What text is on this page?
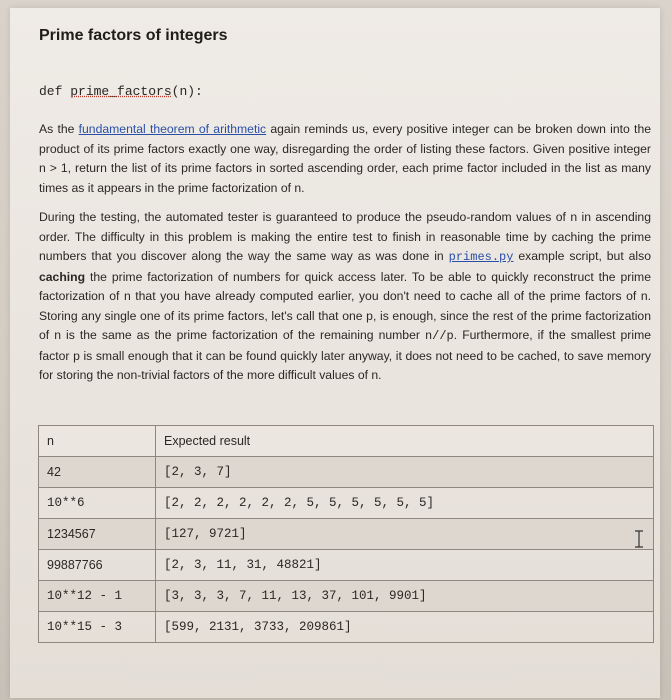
Prime factors of integers
def prime_factors(n):
As the fundamental theorem of arithmetic again reminds us, every positive integer can be broken down into the product of its prime factors exactly one way, disregarding the order of listing these factors. Given positive integer n > 1, return the list of its prime factors in sorted ascending order, each prime factor included in the list as many times as it appears in the prime factorization of n.
During the testing, the automated tester is guaranteed to produce the pseudo-random values of n in ascending order. The difficulty in this problem is making the entire test to finish in reasonable time by caching the prime numbers that you discover along the way the same way as was done in primes.py example script, but also caching the prime factorization of numbers for quick access later. To be able to quickly reconstruct the prime factorization of n that you have already computed earlier, you don't need to cache all of the prime factors of n. Storing any single one of its prime factors, let's call that one p, is enough, since the rest of the prime factorization of n is the same as the prime factorization of the remaining number n//p. Furthermore, if the smallest prime factor p is small enough that it can be found quickly later anyway, it does not need to be cached, to save memory for storing the non-trivial factors of the more difficult values of n.
n	Expected result
42	[2, 3, 7]
10**6	[2, 2, 2, 2, 2, 2, 5, 5, 5, 5, 5, 5]
1234567	[127, 9721]
99887766	[2, 3, 11, 31, 48821]
10**12 - 1	[3, 3, 3, 7, 11, 13, 37, 101, 9901]
10**15 - 3	[599, 2131, 3733, 209861]
